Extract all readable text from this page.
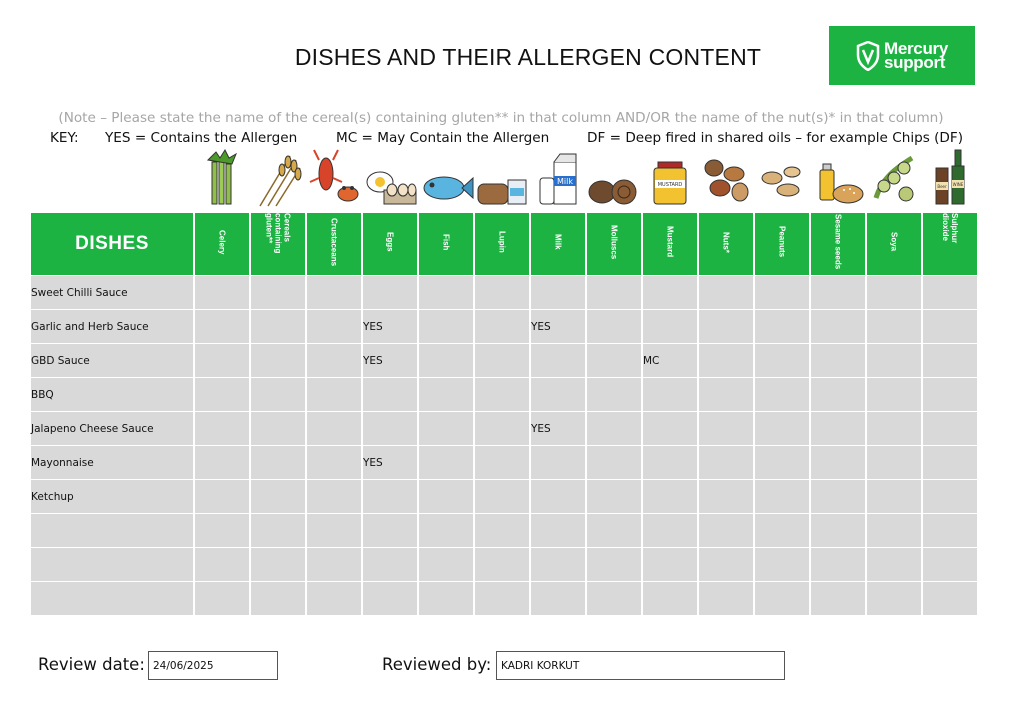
DISHES AND THEIR ALLERGEN CONTENT	Mercury
support
(Note – Please state the name of the cereal(s) containing gluten** in that column AND/OR the name of the nut(s)* in that column)
KEY: YES = Contains the Allergen	MC = May Contain the Allergen	DF = Deep fired in shared oils – for example Chips (DF)
Milk	MUSTARD	Beer WINE
DISHES	Celery	Cereals containing gluten**	Crustaceans	Eggs	Fish	Lupin	Milk	Molluscs	Mustard	Nuts*	Peanuts	Sesame seeds	Soya	Sulphur dioxide
Sweet Chilli Sauce														
Garlic and Herb Sauce				YES			YES							
GBD Sauce				YES					MC					
BBQ														
Jalapeno Cheese Sauce							YES							
Mayonnaise				YES										
Ketchup														

Review date: 24/06/2025	Reviewed by: KADRI KORKUT
